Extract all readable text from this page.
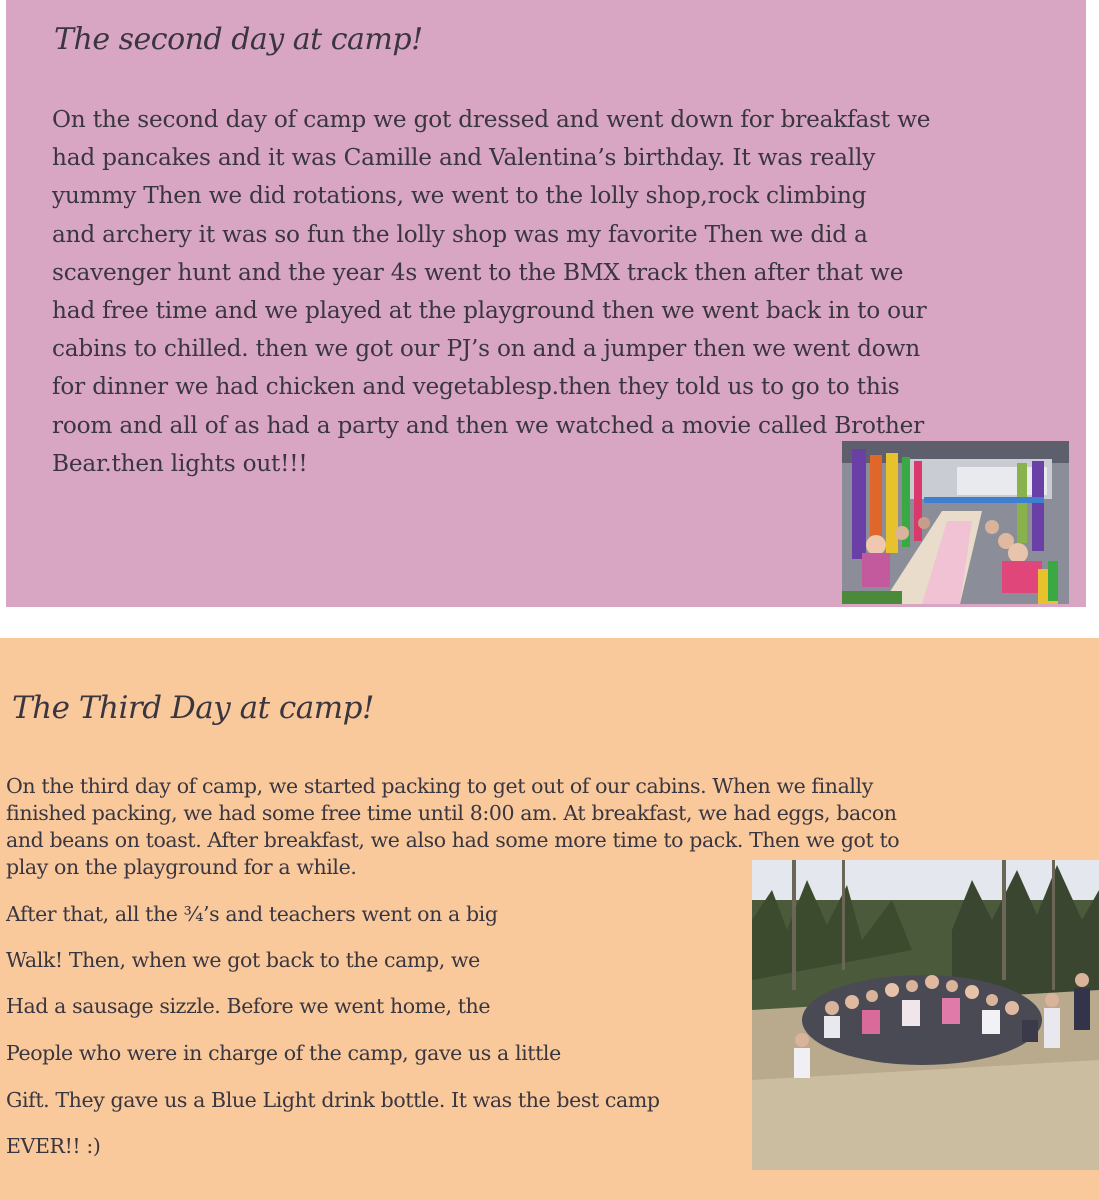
The second day at camp!
On the second day of camp we got dressed and went down for breakfast we
had pancakes and it was Camille and Valentina’s birthday. It was really
yummy Then we did rotations, we went to the lolly shop,rock climbing
and archery it was so fun the lolly shop was my favorite Then we did a
scavenger hunt and the year 4s went to the BMX track then after that we
had free time and we played at the playground then we went back in to our
cabins to chilled. then we got our PJ’s on and a jumper then we went down
for dinner we had chicken and vegetablesp.then they told us to go to this
room and all of as had a party and then we watched a movie called Brother
Bear.then lights out!!!
The Third Day at camp!
On the third day of camp, we started packing to get out of our cabins. When we finally
finished packing, we had some free time until 8:00 am. At breakfast, we had eggs, bacon
and beans on toast. After breakfast, we also had some more time to pack. Then we got to
play on the playground for a while.
After that, all the ¾’s and teachers went on a big
Walk! Then, when we got back to the camp, we
Had a sausage sizzle. Before we went home, the
People who were in charge of the camp, gave us a little
Gift. They gave us a Blue Light drink bottle. It was the best camp
EVER!! :)
